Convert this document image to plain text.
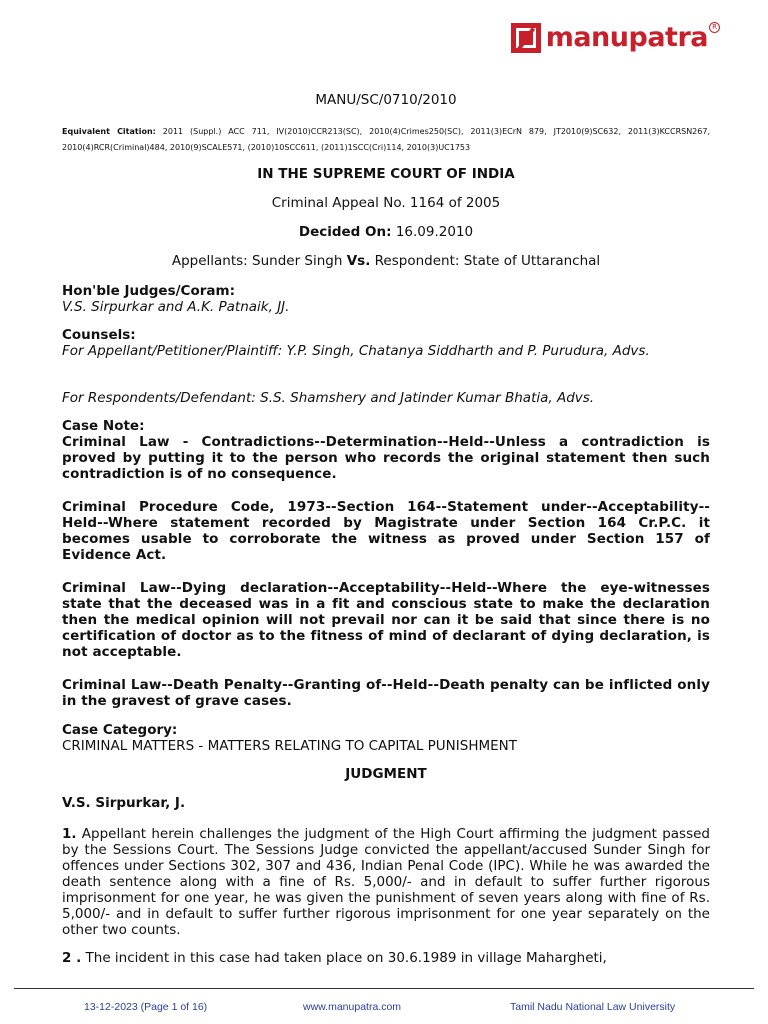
manupatra R
MANU/SC/0710/2010
Equivalent Citation: 2011 (Suppl.) ACC 711, IV(2010)CCR213(SC), 2010(4)Crimes250(SC), 2011(3)ECrN 879, JT2010(9)SC632, 2011(3)KCCRSN267, 2010(4)RCR(Criminal)484, 2010(9)SCALE571, (2010)10SCC611, (2011)1SCC(Cri)114, 2010(3)UC1753
IN THE SUPREME COURT OF INDIA
Criminal Appeal No. 1164 of 2005
Decided On: 16.09.2010
Appellants: Sunder Singh Vs. Respondent: State of Uttaranchal
Hon'ble Judges/Coram:
V.S. Sirpurkar and A.K. Patnaik, JJ.
Counsels:
For Appellant/Petitioner/Plaintiff: Y.P. Singh, Chatanya Siddharth and P. Purudura, Advs.
For Respondents/Defendant: S.S. Shamshery and Jatinder Kumar Bhatia, Advs.
Case Note:
Criminal Law - Contradictions--Determination--Held--Unless a contradiction is proved by putting it to the person who records the original statement then such contradiction is of no consequence.
Criminal Procedure Code, 1973--Section 164--Statement under--Acceptability--Held--Where statement recorded by Magistrate under Section 164 Cr.P.C. it becomes usable to corroborate the witness as proved under Section 157 of Evidence Act.
Criminal Law--Dying declaration--Acceptability--Held--Where the eye-witnesses state that the deceased was in a fit and conscious state to make the declaration then the medical opinion will not prevail nor can it be said that since there is no certification of doctor as to the fitness of mind of declarant of dying declaration, is not acceptable.
Criminal Law--Death Penalty--Granting of--Held--Death penalty can be inflicted only in the gravest of grave cases.
Case Category:
CRIMINAL MATTERS - MATTERS RELATING TO CAPITAL PUNISHMENT
JUDGMENT
V.S. Sirpurkar, J.
1. Appellant herein challenges the judgment of the High Court affirming the judgment passed by the Sessions Court. The Sessions Judge convicted the appellant/accused Sunder Singh for offences under Sections 302, 307 and 436, Indian Penal Code (IPC). While he was awarded the death sentence along with a fine of Rs. 5,000/- and in default to suffer further rigorous imprisonment for one year, he was given the punishment of seven years along with fine of Rs. 5,000/- and in default to suffer further rigorous imprisonment for one year separately on the other two counts.
2 . The incident in this case had taken place on 30.6.1989 in village Mahargheti,
13-12-2023 (Page 1 of 16)	www.manupatra.com	Tamil Nadu National Law University
